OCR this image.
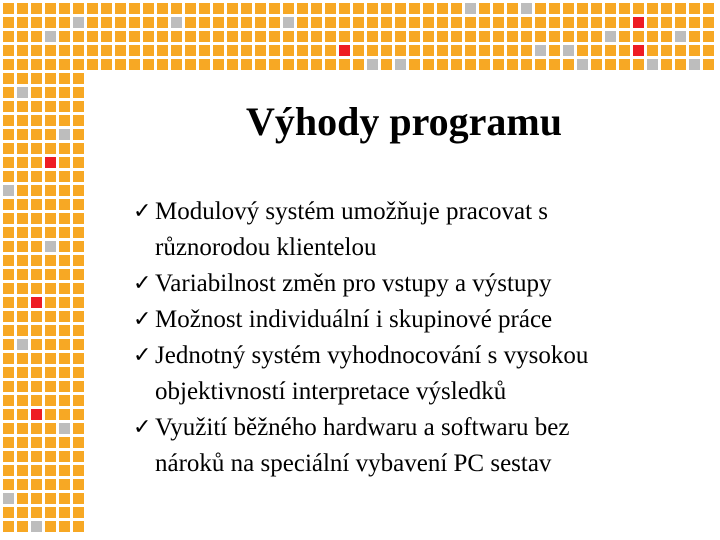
Výhody programu
✓ Modulový systém umožňuje pracovat s
různorodou klientelou
✓ Variabilnost změn pro vstupy a výstupy
✓ Možnost individuální i skupinové práce
✓ Jednotný systém vyhodnocování s vysokou
objektivností interpretace výsledků
✓ Využití běžného hardwaru a softwaru bez
nároků na speciální vybavení PC sestav
